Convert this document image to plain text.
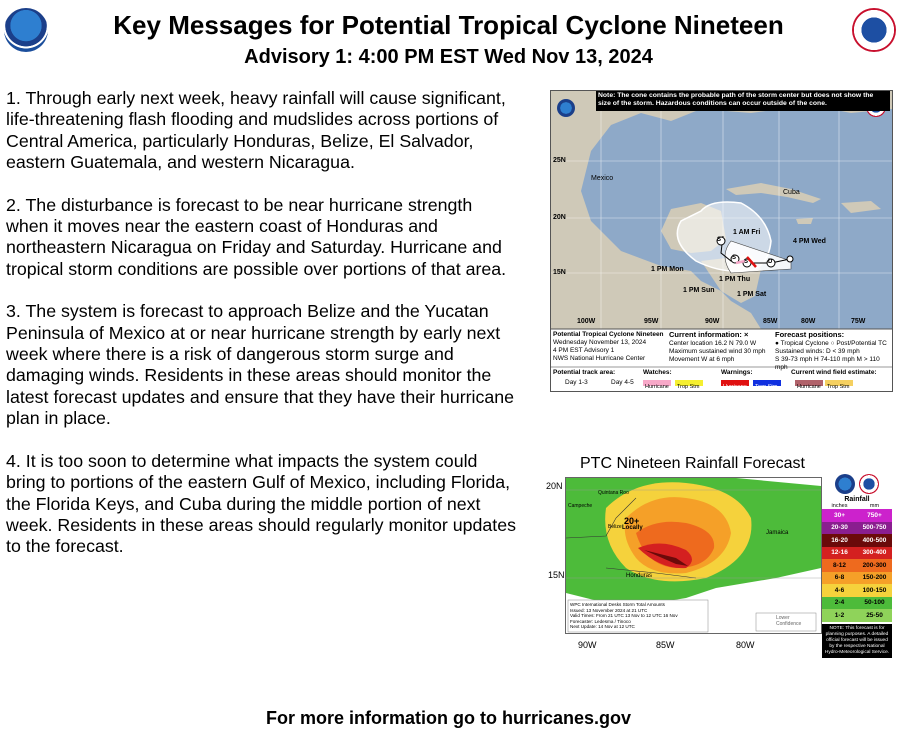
Key Messages for Potential Tropical Cyclone Nineteen
Advisory 1: 4:00 PM EST Wed Nov 13, 2024

1. Through early next week, heavy rainfall will cause significant, life-threatening flash flooding and mudslides across portions of Central America, particularly Honduras, Belize, El Salvador, eastern Guatemala, and western Nicaragua.

2. The disturbance is forecast to be near hurricane strength when it moves near the eastern coast of Honduras and northeastern Nicaragua on Friday and Saturday. Hurricane and tropical storm conditions are possible over portions of that area.

3. The system is forecast to approach Belize and the Yucatan Peninsula of Mexico at or near hurricane strength by early next week where there is a risk of dangerous storm surge and damaging winds. Residents in these areas should monitor the latest forecast updates and ensure that they have their hurricane plan in place.

4. It is too soon to determine what impacts the system could bring to portions of the eastern Gulf of Mexico, including Florida, the Florida Keys, and Cuba during the middle portion of next week. Residents in these areas should regularly monitor updates to the forecast.

25N
20N
15N
100W	95W	90W	85W	80W	75W
Mexico
Cuba
1 AM Fri
4 PM Wed
1 PM Mon
1 PM Thu
1 PM Sun
1 PM Sat
S
S
S	D
Potential Tropical Cyclone Nineteen
Wednesday November 13, 2024
4 PM EST Advisory 1
NWS National Hurricane Center
Current information: ×
Center location 16.2 N 79.0 W
Maximum sustained wind 30 mph
Movement W at 6 mph
Forecast positions:
● Tropical Cyclone ○ Post/Potential TC
Sustained winds: D < 39 mph
S 39-73 mph H 74-110 mph M > 110 mph
Potential track area:
Day 1-3	Day 4-5
Watches:
Hurricane Trop Stm
Warnings:
Hurricane Trop Stm
Current wind field estimate:
Hurricane Trop Stm
Note: The cone contains the probable path of the storm center but does not show the size of the storm. Hazardous conditions can occur outside of the cone.
PTC Nineteen Rainfall Forecast
20+
Locally
Honduras
Jamaica
Quintana Roo
Belize
Campeche
WPC International Desks Storm Total Amounts
Issued: 13 November 2024 at 21 UTC
Valid Times: From 21 UTC 13 Nov to 12 UTC 16 Nov
Forecaster: Ledesma / Tinoco
Next Update: 14 Nov at 12 UTC
Lower Confidence
20N
15N
90W	85W	80W
Rainfall
inches	mm
30+	750+
20-30	500-750
16-20	400-500
12-16	300-400
8-12	200-300
6-8	150-200
4-6	100-150
2-4	50-100
1-2	25-50
NOTE: This forecast is for planning purposes. A detailed official forecast will be issued by the respective National Hydro-Meteorological Service.
For more information go to hurricanes.gov
